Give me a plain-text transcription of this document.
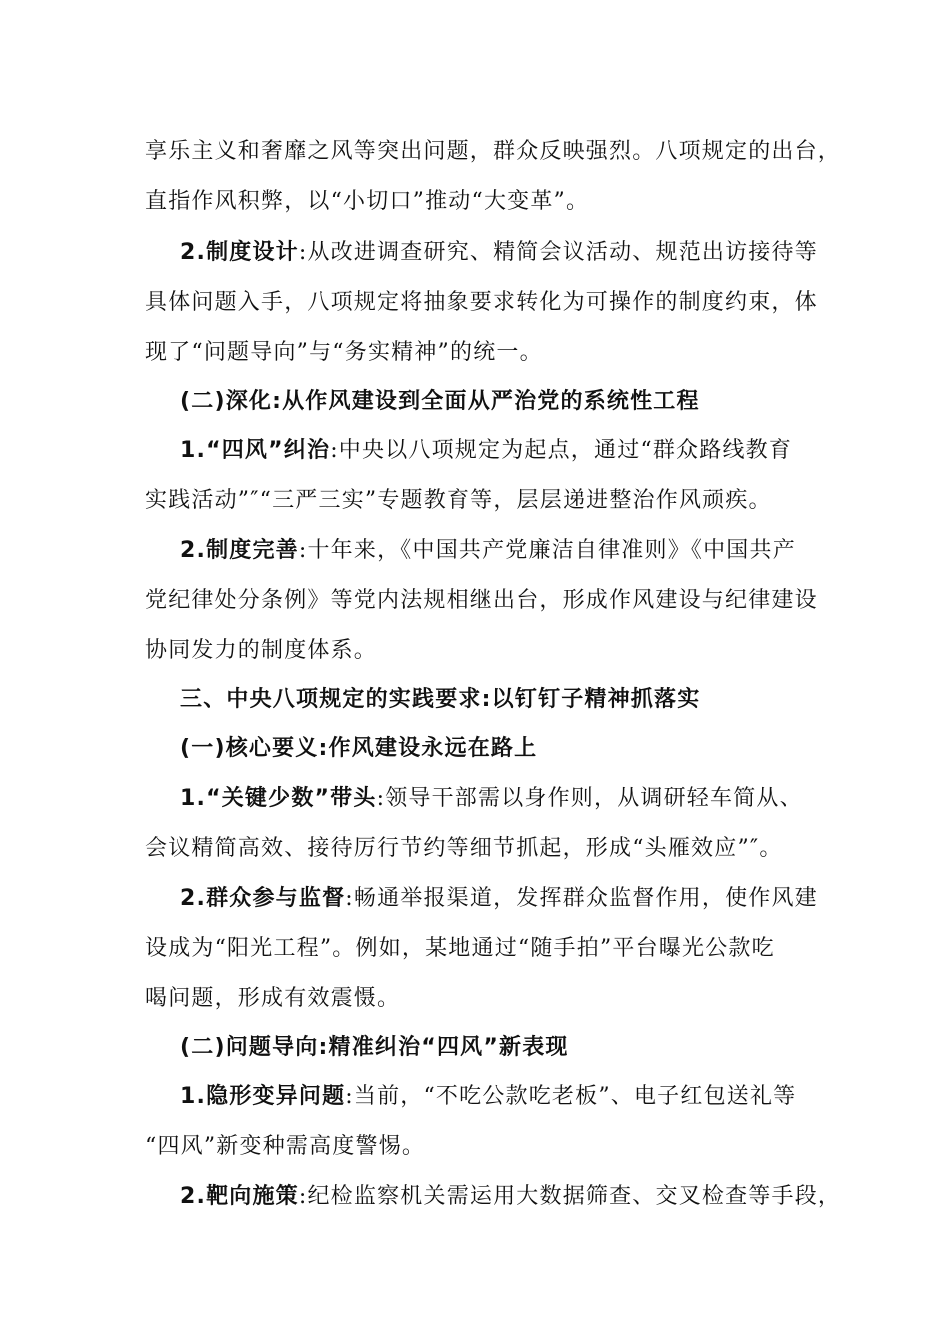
享乐主义和奢靡之风等突出问题，群众反映强烈。八项规定的出台，
直指作风积弊，以“小切口”推动“大变革”。
2.制度设计:从改进调查研究、精简会议活动、规范出访接待等
具体问题入手，八项规定将抽象要求转化为可操作的制度约束，体
现了“问题导向”与“务实精神”的统一。
(二)深化:从作风建设到全面从严治党的系统性工程
1.“四风”纠治:中央以八项规定为起点，通过“群众路线教育
实践活动”″“三严三实”专题教育等，层层递进整治作风顽疾。
2.制度完善:十年来，《中国共产党廉洁自律准则》《中国共产
党纪律处分条例》等党内法规相继出台，形成作风建设与纪律建设
协同发力的制度体系。
三、中央八项规定的实践要求:以钉钉子精神抓落实
(一)核心要义:作风建设永远在路上
1.“关键少数”带头:领导干部需以身作则，从调研轻车简从、
会议精简高效、接待厉行节约等细节抓起，形成“头雁效应”″。
2.群众参与监督:畅通举报渠道，发挥群众监督作用，使作风建
设成为“阳光工程”。例如，某地通过“随手拍”平台曝光公款吃
喝问题，形成有效震慑。
(二)问题导向:精准纠治“四风”新表现
1.隐形变异问题:当前，“不吃公款吃老板”、电子红包送礼等
“四风”新变种需高度警惕。
2.靶向施策:纪检监察机关需运用大数据筛查、交叉检查等手段，
